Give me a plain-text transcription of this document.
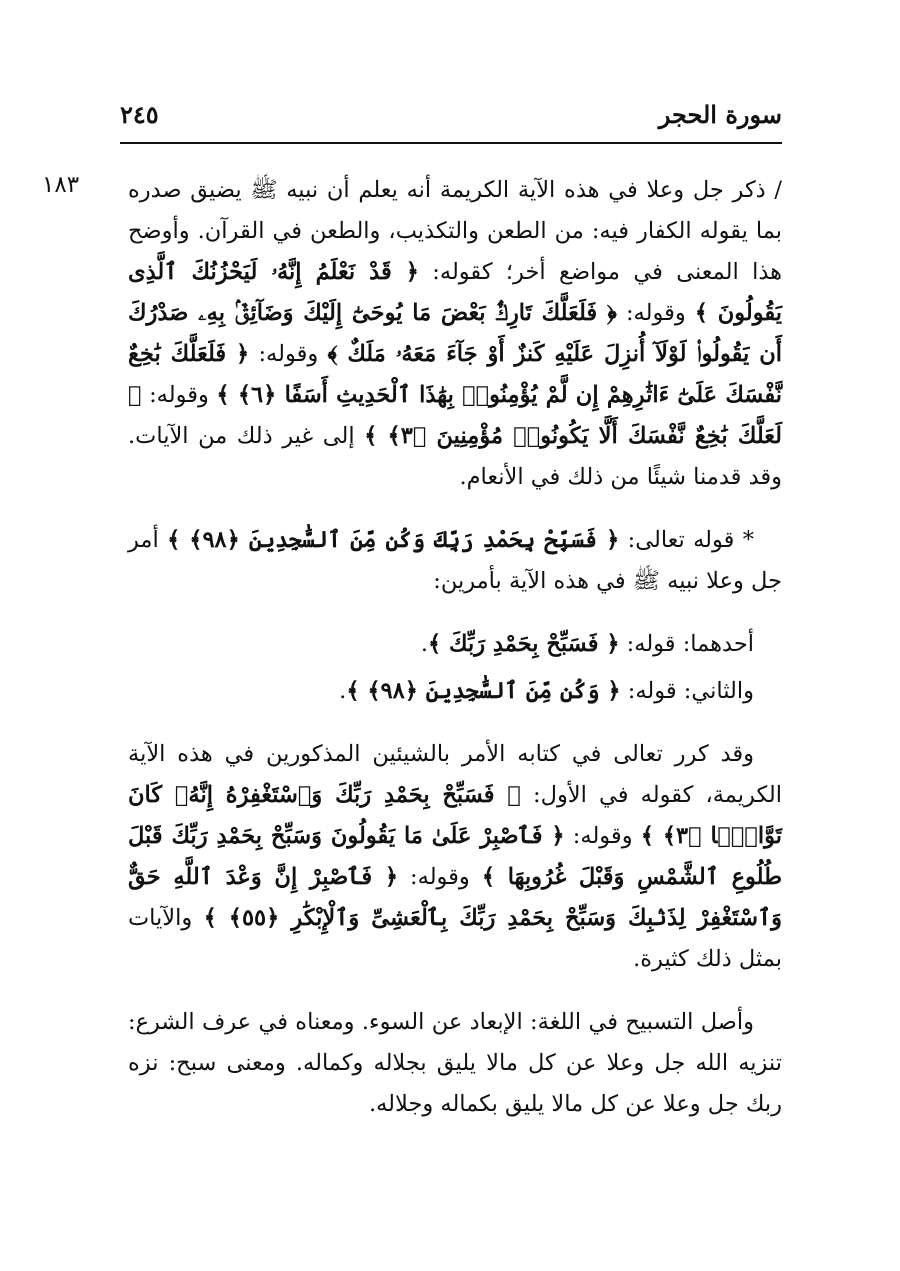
سورة الحجر
٢٤٥
١٨٣ / ذكر جل وعلا في هذه الآية الكريمة أنه يعلم أن نبيه ﷺ يضيق صدره بما يقوله الكفار فيه: من الطعن والتكذيب، والطعن في القرآن. وأوضح هذا المعنى في مواضع أخر؛ كقوله: ﴿ قَدْ نَعْلَمُ إِنَّهُۥ لَيَحْزُنُكَ ٱلَّذِى يَقُولُونَ ﴾ وقوله: ﴿ فَلَعَلَّكَ تَارِكٌۢ بَعْضَ مَا يُوحَىٰٓ إِلَيْكَ وَضَآئِقٌۢ بِهِۦ صَدْرُكَ أَن يَقُولُوا۟ لَوْلَآ أُنزِلَ عَلَيْهِ كَنزٌ أَوْ جَآءَ مَعَهُۥ مَلَكٌ ﴾ وقوله: ﴿ فَلَعَلَّكَ بَٰخِعٌ نَّفْسَكَ عَلَىٰٓ ءَاثَٰرِهِمْ إِن لَّمْ يُؤْمِنُوا۟ بِهَٰذَا ٱلْحَدِيثِ أَسَفًا ﴿٦﴾ ﴾ وقوله: ﴿ لَعَلَّكَ بَٰخِعٌ نَّفْسَكَ أَلَّا يَكُونُوا۟ مُؤْمِنِينَ ﴿٣﴾ ﴾ إلى غير ذلك من الآيات. وقد قدمنا شيئًا من ذلك في الأنعام.

* قوله تعالى: ﴿ فَسَبِّحْ بِحَمْدِ رَبِّكَ وَكُن مِّنَ ٱلسَّٰجِدِينَ ﴿٩٨﴾ ﴾ أمر جل وعلا نبيه ﷺ في هذه الآية بأمرين:

أحدهما: قوله: ﴿ فَسَبِّحْ بِحَمْدِ رَبِّكَ ﴾.

والثاني: قوله: ﴿ وَكُن مِّنَ ٱلسَّٰجِدِينَ ﴿٩٨﴾ ﴾.

وقد كرر تعالى في كتابه الأمر بالشيئين المذكورين في هذه الآية الكريمة، كقوله في الأول: ﴿ فَسَبِّحْ بِحَمْدِ رَبِّكَ وَٱسْتَغْفِرْهُ إِنَّهُۥ كَانَ تَوَّابًۢا ﴿٣﴾ ﴾ وقوله: ﴿ فَٱصْبِرْ عَلَىٰ مَا يَقُولُونَ وَسَبِّحْ بِحَمْدِ رَبِّكَ قَبْلَ طُلُوعِ ٱلشَّمْسِ وَقَبْلَ غُرُوبِهَا ﴾ وقوله: ﴿ فَٱصْبِرْ إِنَّ وَعْدَ ٱللَّهِ حَقٌّ وَٱسْتَغْفِرْ لِذَنۢبِكَ وَسَبِّحْ بِحَمْدِ رَبِّكَ بِٱلْعَشِىِّ وَٱلْإِبْكَٰرِ ﴿٥٥﴾ ﴾ والآيات بمثل ذلك كثيرة.

وأصل التسبيح في اللغة: الإبعاد عن السوء. ومعناه في عرف الشرع: تنزيه الله جل وعلا عن كل مالا يليق بجلاله وكماله. ومعنى سبح: نزه ربك جل وعلا عن كل مالا يليق بكماله وجلاله.
